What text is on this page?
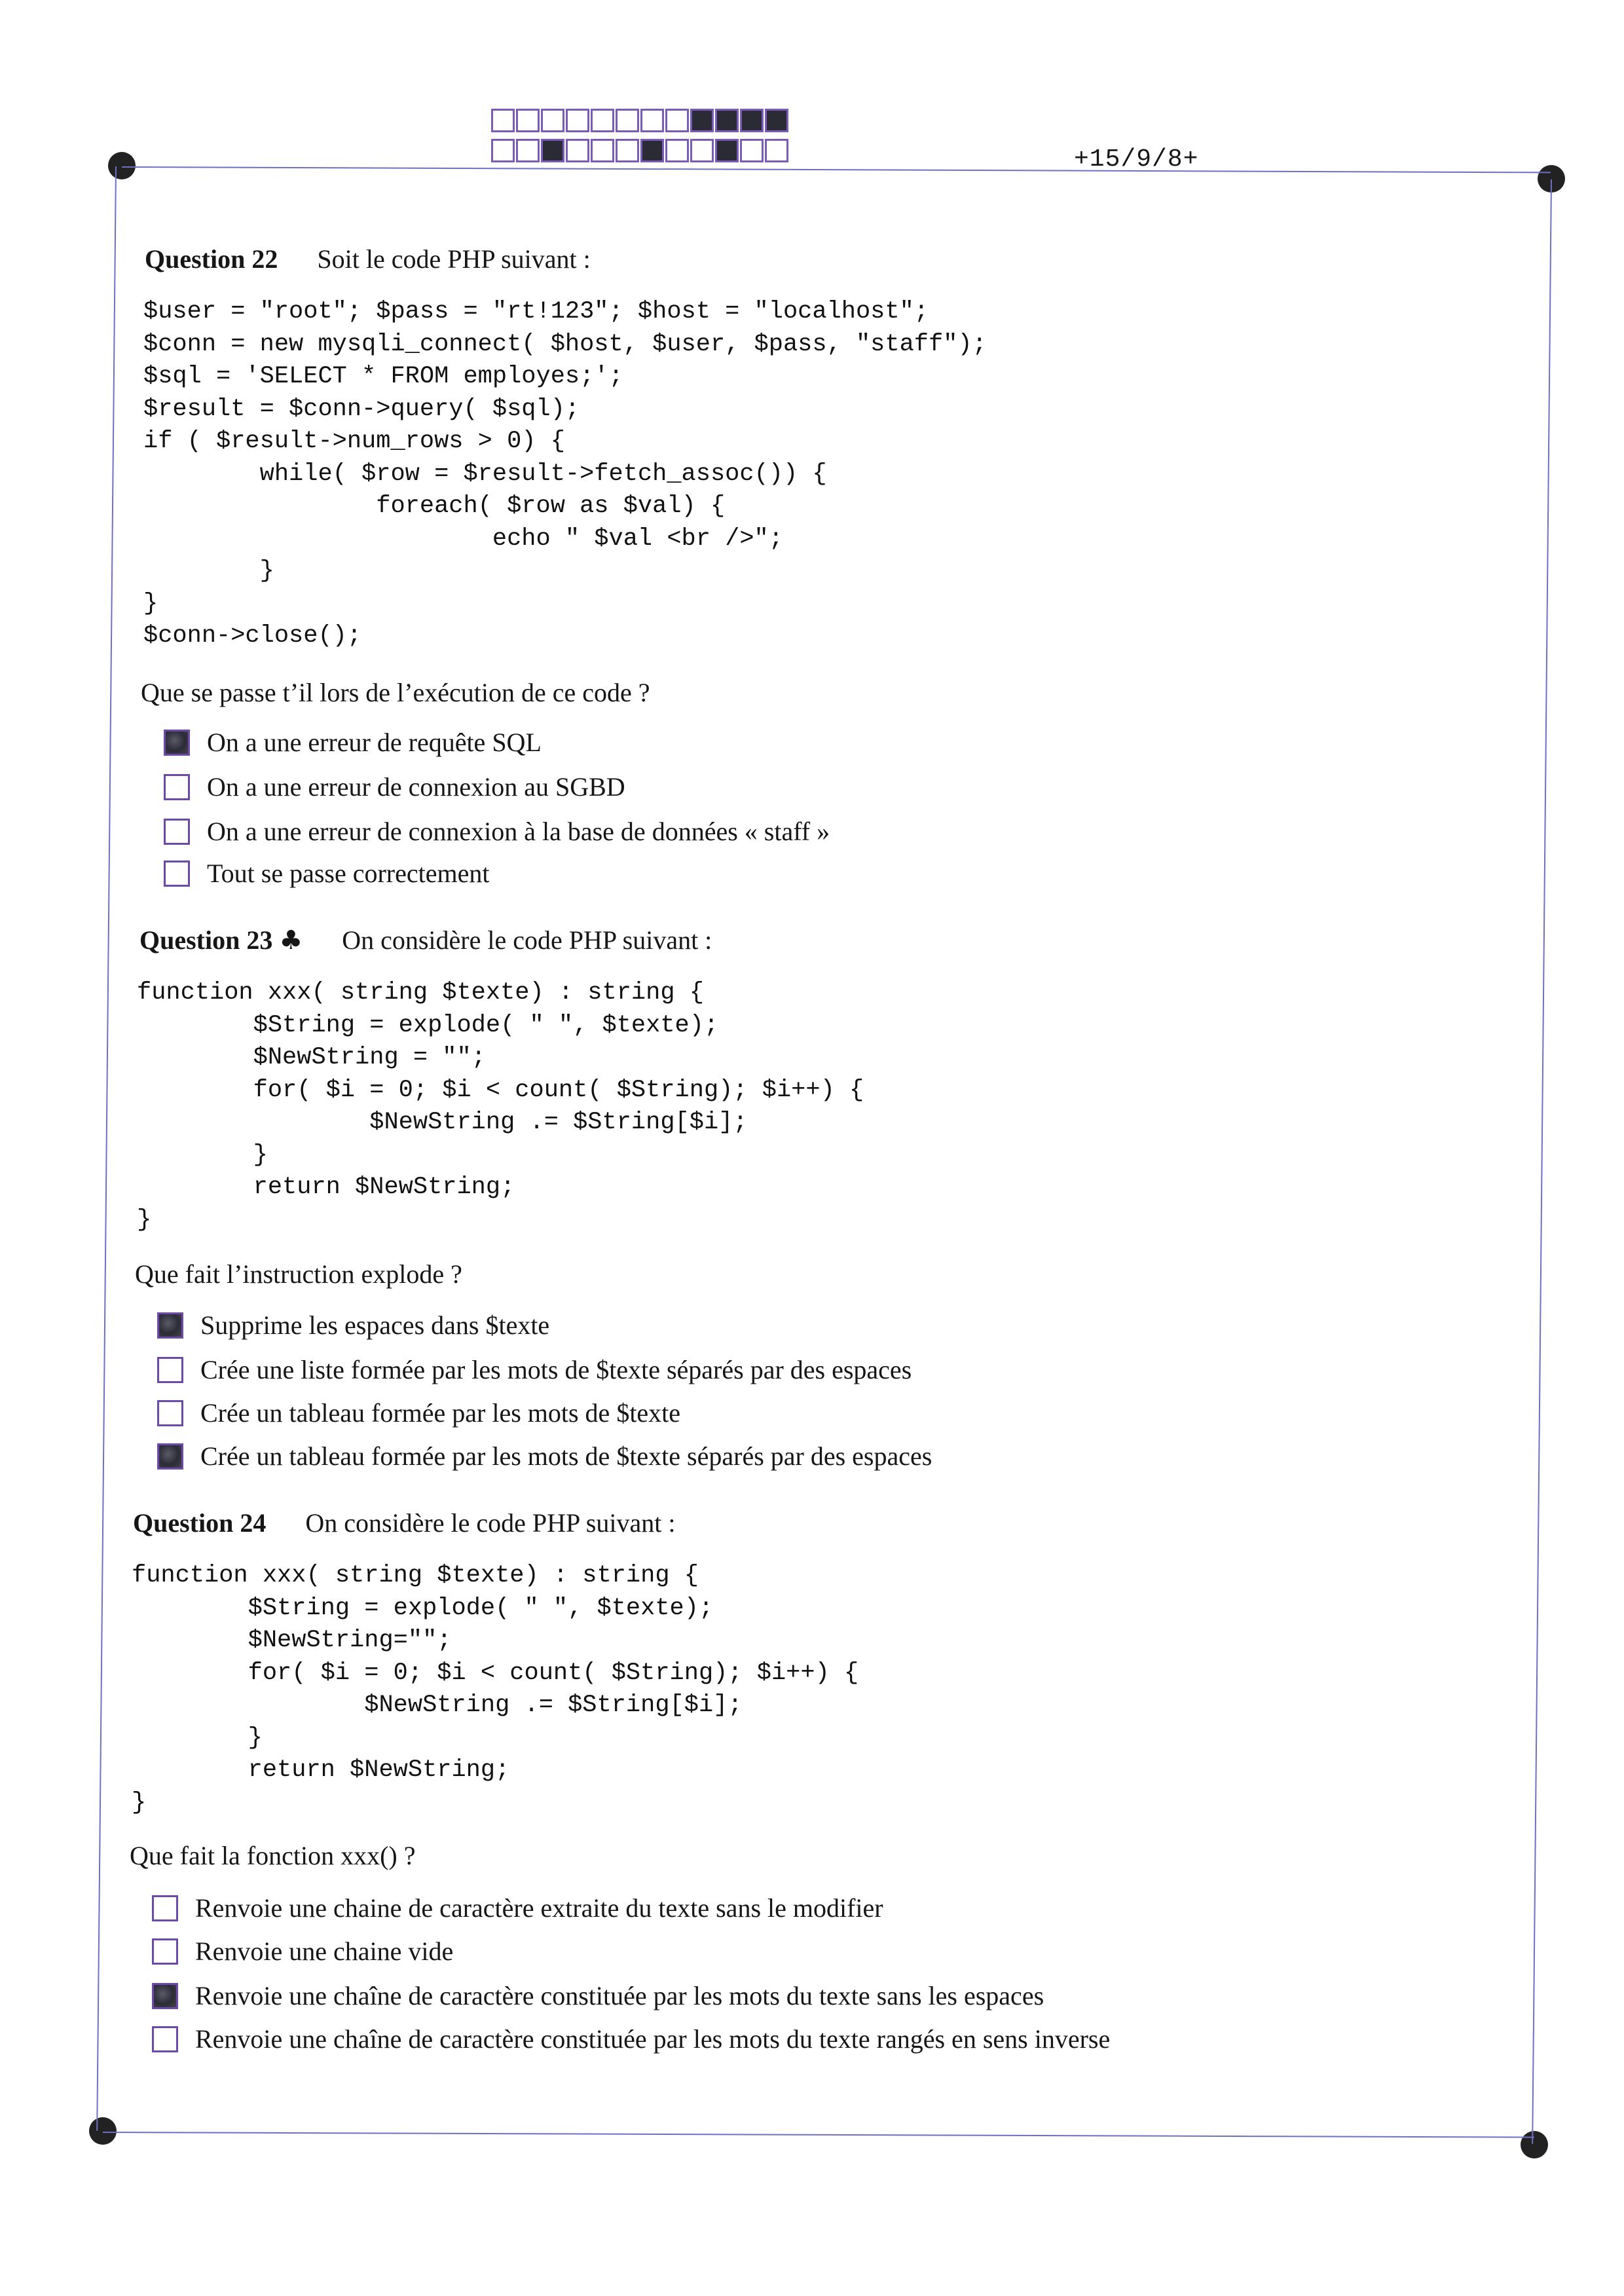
+15/9/8+
Question 22 Soit le code PHP suivant :
$user = "root"; $pass = "rt!123"; $host = "localhost";
$conn = new mysqli_connect( $host, $user, $pass, "staff");
$sql = 'SELECT * FROM employes;';
$result = $conn->query( $sql);
if ( $result->num_rows > 0) {
while( $row = $result->fetch_assoc()) {
foreach( $row as $val) {
echo " $val <br />";
}
}
$conn->close();
Que se passe t’il lors de l’exécution de ce code ?
On a une erreur de requête SQL
On a une erreur de connexion au SGBD
On a une erreur de connexion à la base de données « staff »
Tout se passe correctement
Question 23 ♣ On considère le code PHP suivant :
function xxx( string $texte) : string {
$String = explode( " ", $texte);
$NewString = "";
for( $i = 0; $i < count( $String); $i++) {
$NewString .= $String[$i];
}
return $NewString;
}
Que fait l’instruction explode ?
Supprime les espaces dans $texte
Crée une liste formée par les mots de $texte séparés par des espaces
Crée un tableau formée par les mots de $texte
Crée un tableau formée par les mots de $texte séparés par des espaces
Question 24 On considère le code PHP suivant :
function xxx( string $texte) : string {
$String = explode( " ", $texte);
$NewString="";
for( $i = 0; $i < count( $String); $i++) {
$NewString .= $String[$i];
}
return $NewString;
}
Que fait la fonction xxx() ?
Renvoie une chaine de caractère extraite du texte sans le modifier
Renvoie une chaine vide
Renvoie une chaîne de caractère constituée par les mots du texte sans les espaces
Renvoie une chaîne de caractère constituée par les mots du texte rangés en sens inverse
